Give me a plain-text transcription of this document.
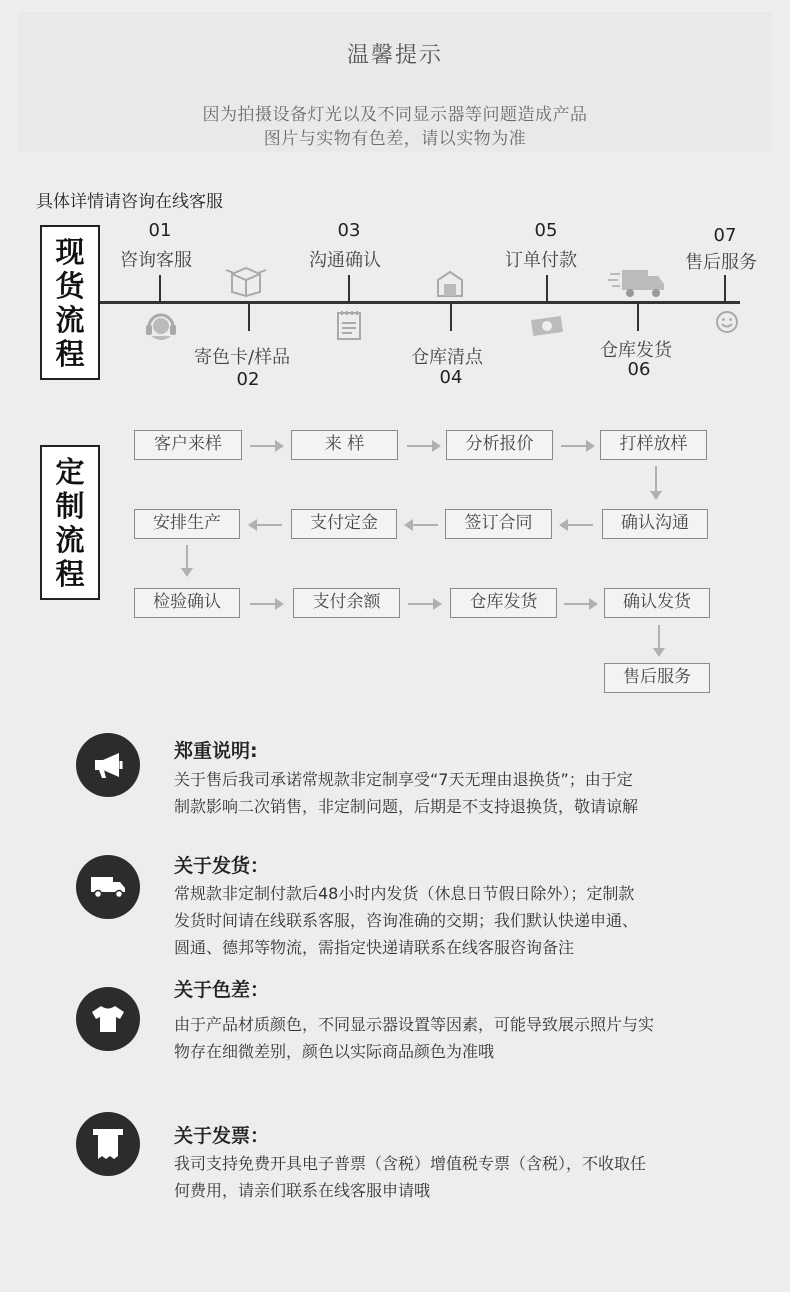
温馨提示
因为拍摄设备灯光以及不同显示器等问题造成产品
图片与实物有色差，请以实物为准
具体详情请咨询在线客服
现
货
流
程
01
咨询客服
寄色卡/样品
02
03
沟通确认
仓库清点
04
05
订单付款
仓库发货
06
07
售后服务
定
制
流
程
客户来样	来 样	分析报价	打样放样
安排生产	支付定金	签订合同	确认沟通
检验确认	支付余额	仓库发货	确认发货
售后服务
郑重说明:
关于售后我司承诺常规款非定制享受“7天无理由退换货”；由于定
制款影响二次销售，非定制问题，后期是不支持退换货，敬请谅解
关于发货：
常规款非定制付款后48小时内发货（休息日节假日除外）；定制款
发货时间请在线联系客服，咨询准确的交期；我们默认快递申通、
圆通、德邦等物流，需指定快递请联系在线客服咨询备注
关于色差：
由于产品材质颜色，不同显示器设置等因素，可能导致展示照片与实
物存在细微差别，颜色以实际商品颜色为准哦
关于发票：
我司支持免费开具电子普票（含税）增值税专票（含税），不收取任
何费用，请亲们联系在线客服申请哦
